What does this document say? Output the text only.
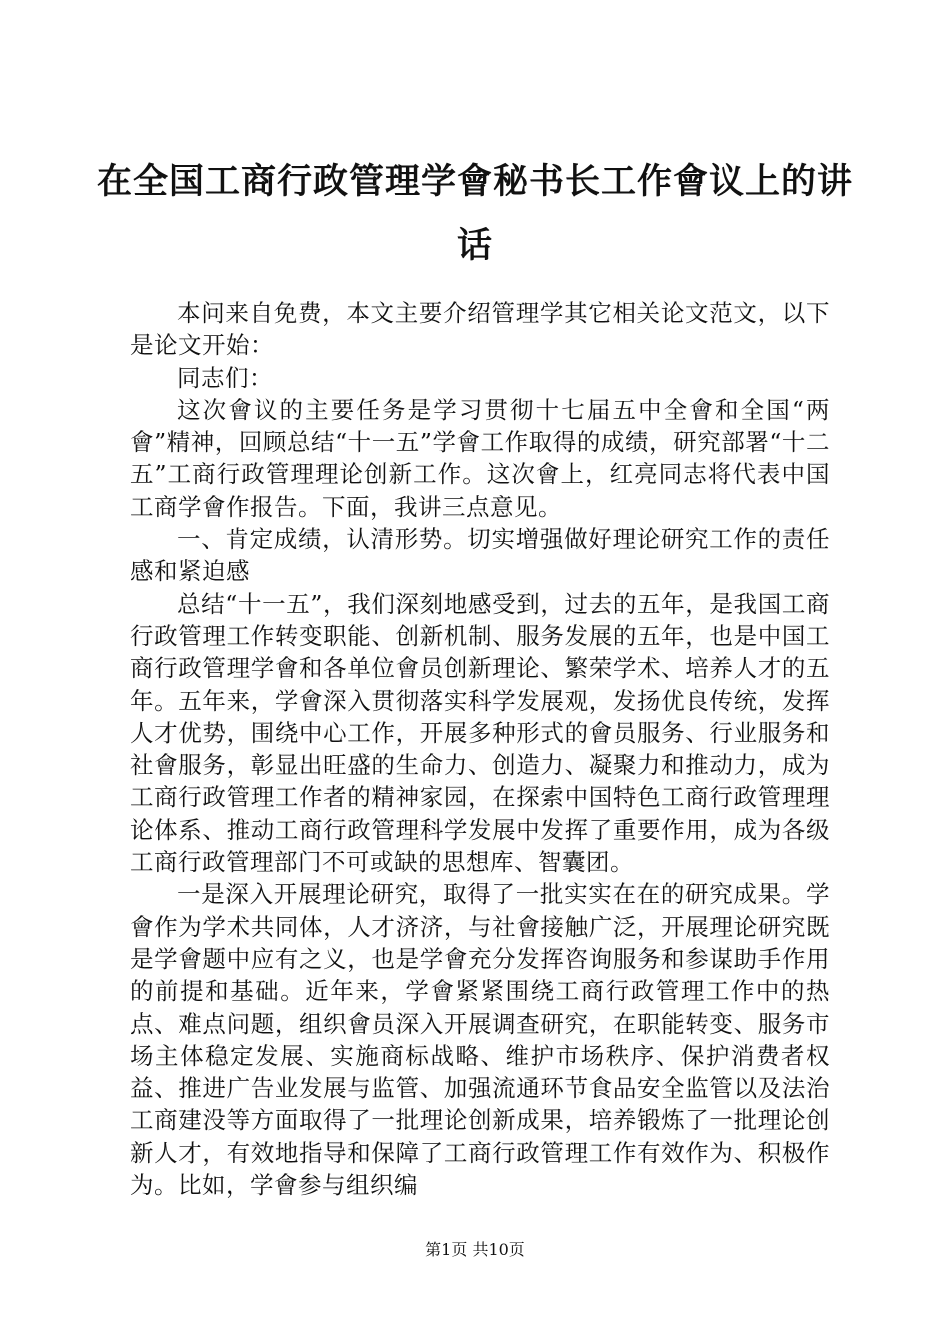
在全国工商行政管理学會秘书长工作會议上的讲话

本问来自免费，本文主要介绍管理学其它相关论文范文，以下是论文开始：

同志们：

这次會议的主要任务是学习贯彻十七届五中全會和全国“两會”精神，回顾总结“十一五”学會工作取得的成绩，研究部署“十二五”工商行政管理理论创新工作。这次會上，红亮同志将代表中国工商学會作报告。下面，我讲三点意见。

一、肯定成绩，认清形势。切实增强做好理论研究工作的责任感和紧迫感

总结“十一五”，我们深刻地感受到，过去的五年，是我国工商行政管理工作转变职能、创新机制、服务发展的五年，也是中国工商行政管理学會和各单位會员创新理论、繁荣学术、培养人才的五年。五年来，学會深入贯彻落实科学发展观，发扬优良传统，发挥人才优势，围绕中心工作，开展多种形式的會员服务、行业服务和社會服务，彰显出旺盛的生命力、创造力、凝聚力和推动力，成为工商行政管理工作者的精神家园，在探索中国特色工商行政管理理论体系、推动工商行政管理科学发展中发挥了重要作用，成为各级工商行政管理部门不可或缺的思想库、智囊团。

一是深入开展理论研究，取得了一批实实在在的研究成果。学會作为学术共同体，人才济济，与社會接触广泛，开展理论研究既是学會题中应有之义，也是学會充分发挥咨询服务和参谋助手作用的前提和基础。近年来，学會紧紧围绕工商行政管理工作中的热点、难点问题，组织會员深入开展调查研究，在职能转变、服务市场主体稳定发展、实施商标战略、维护市场秩序、保护消费者权益、推进广告业发展与监管、加强流通环节食品安全监管以及法治工商建没等方面取得了一批理论创新成果，培养锻炼了一批理论创新人才，有效地指导和保障了工商行政管理工作有效作为、积极作为。比如，学會参与组织编

第1页 共10页
